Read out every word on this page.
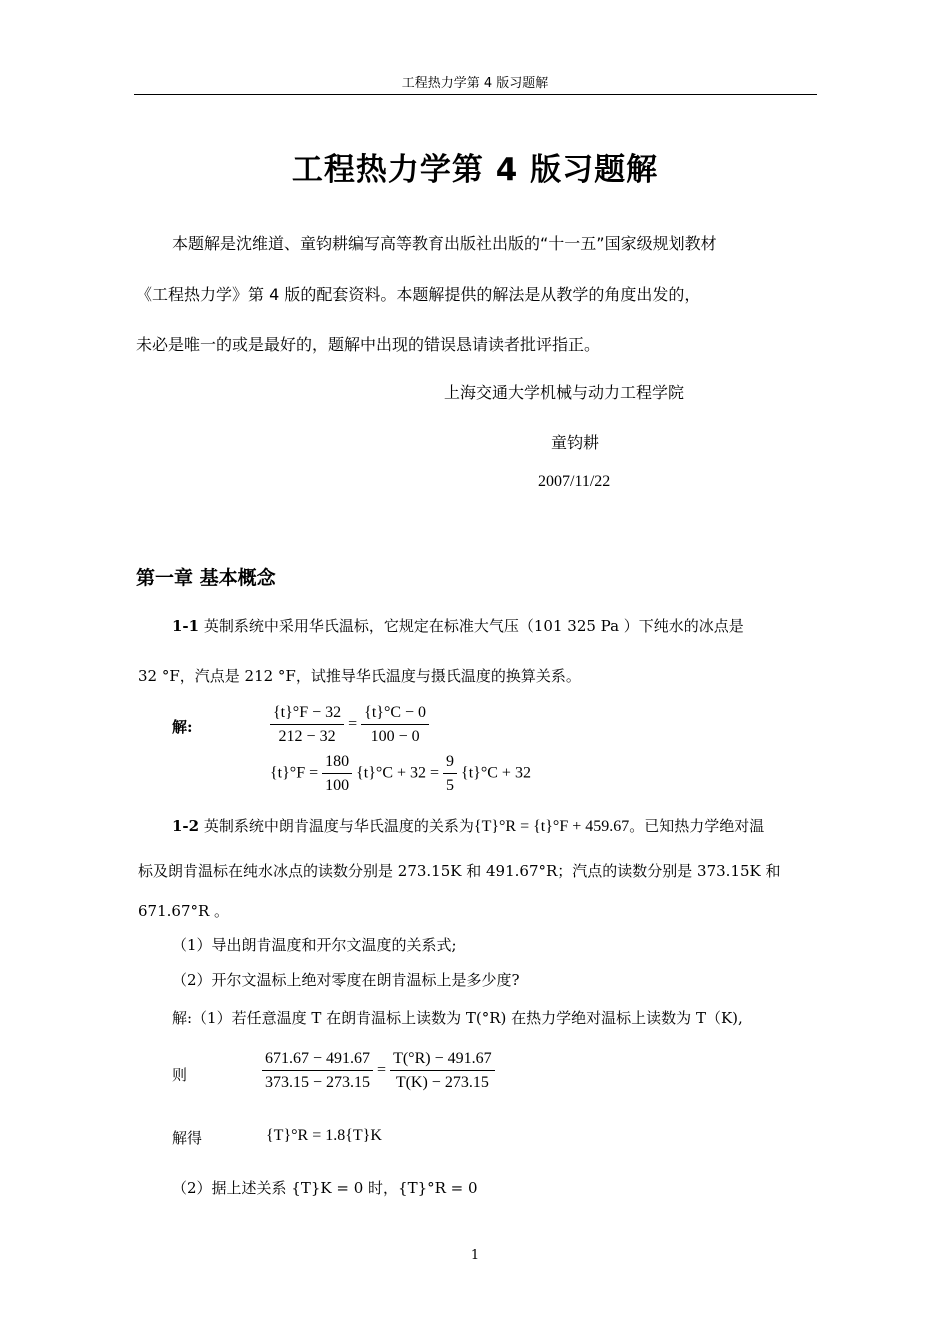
工程热力学第 4 版习题解
工程热力学第 4 版习题解
本题解是沈维道、童钧耕编写高等教育出版社出版的“十一五”国家级规划教材
《工程热力学》第 4 版的配套资料。本题解提供的解法是从教学的角度出发的，
未必是唯一的或是最好的，题解中出现的错误恳请读者批评指正。
上海交通大学机械与动力工程学院
童钧耕
2007/11/22
第一章 基本概念
1-1 英制系统中采用华氏温标，它规定在标准大气压（101 325 Pa ）下纯水的冰点是
32 °F，汽点是 212 °F，试推导华氏温度与摄氏温度的换算关系。
解:	$\frac{\{t\}^\circ F - 32}{212 - 32} = \frac{\{t\}^\circ C - 0}{100 - 0}$
$\{t\}^\circ F = \frac{180}{100} \{t\}^\circ C + 32 = \frac{9}{5} \{t\}^\circ C + 32$
1-2 英制系统中朗肯温度与华氏温度的关系为{T}°R = {t}°F + 459.67。已知热力学绝对温
标及朗肯温标在纯水冰点的读数分别是 273.15K 和 491.67°R；汽点的读数分别是 373.15K 和
671.67°R 。
（1）导出朗肯温度和开尔文温度的关系式;
（2）开尔文温标上绝对零度在朗肯温标上是多少度?
解:（1）若任意温度 T 在朗肯温标上读数为 T(°R) 在热力学绝对温标上读数为 T（K),
则	$\frac{671.67 - 491.67}{373.15 - 273.15} = \frac{T(^\circ R) - 491.67}{T(K) - 273.15}$
解得	{T}°R = 1.8{T}K
（2）据上述关系 {T}K = 0 时，{T}°R = 0
1
